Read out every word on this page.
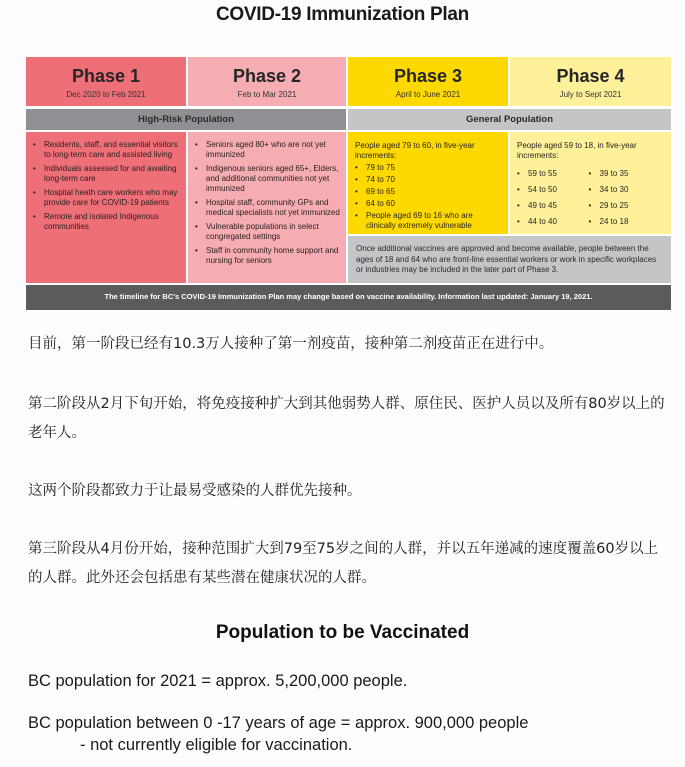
COVID-19 Immunization Plan
Phase 1
Dec 2020 to Feb 2021
Phase 2
Feb to Mar 2021
Phase 3
April to June 2021
Phase 4
July to Sept 2021
High-Risk Population	General Population
• Residents, staff, and essential visitors to long-term care and assisted living
• Individuals assessed for and awaiting long-term care
• Hospital heath care workers who may provide care for COVID-19 patients
• Remote and isolated Indigenous communities
• Seniors aged 80+ who are not yet immunized
• Indigenous seniors aged 65+, Elders, and additional communities not yet immunized
• Hospital staff, community GPs and medical specialists not yet immunized
• Vulnerable populations in select congregated settings
• Staff in community home support and nursing for seniors
People aged 79 to 60, in five-year increments:
• 79 to 75
• 74 to 70
• 69 to 65
• 64 to 60
• People aged 69 to 16 who are clinically extremely vulnerable
People aged 59 to 18, in five-year increments:
• 59 to 55
• 54 to 50
• 49 to 45
• 44 to 40
• 39 to 35
• 34 to 30
• 29 to 25
• 24 to 18
Once additional vaccines are approved and become available, people between the ages of 18 and 64 who are front-line essential workers or work in specific workplaces or industries may be included in the later part of Phase 3.
The timeline for BC's COVID-19 Immunization Plan may change based on vaccine availability. Information last updated: January 19, 2021.
目前，第一阶段已经有10.3万人接种了第一剂疫苗，接种第二剂疫苗正在进行中。
第二阶段从2月下旬开始，将免疫接种扩大到其他弱势人群、原住民、医护人员以及所有80岁以上的老年人。
这两个阶段都致力于让最易受感染的人群优先接种。
第三阶段从4月份开始，接种范围扩大到79至75岁之间的人群，并以五年递减的速度覆盖60岁以上的人群。此外还会包括患有某些潜在健康状况的人群。
Population to be Vaccinated
BC population for 2021 = approx. 5,200,000 people.
BC population between 0 -17 years of age = approx. 900,000 people
- not currently eligible for vaccination.
